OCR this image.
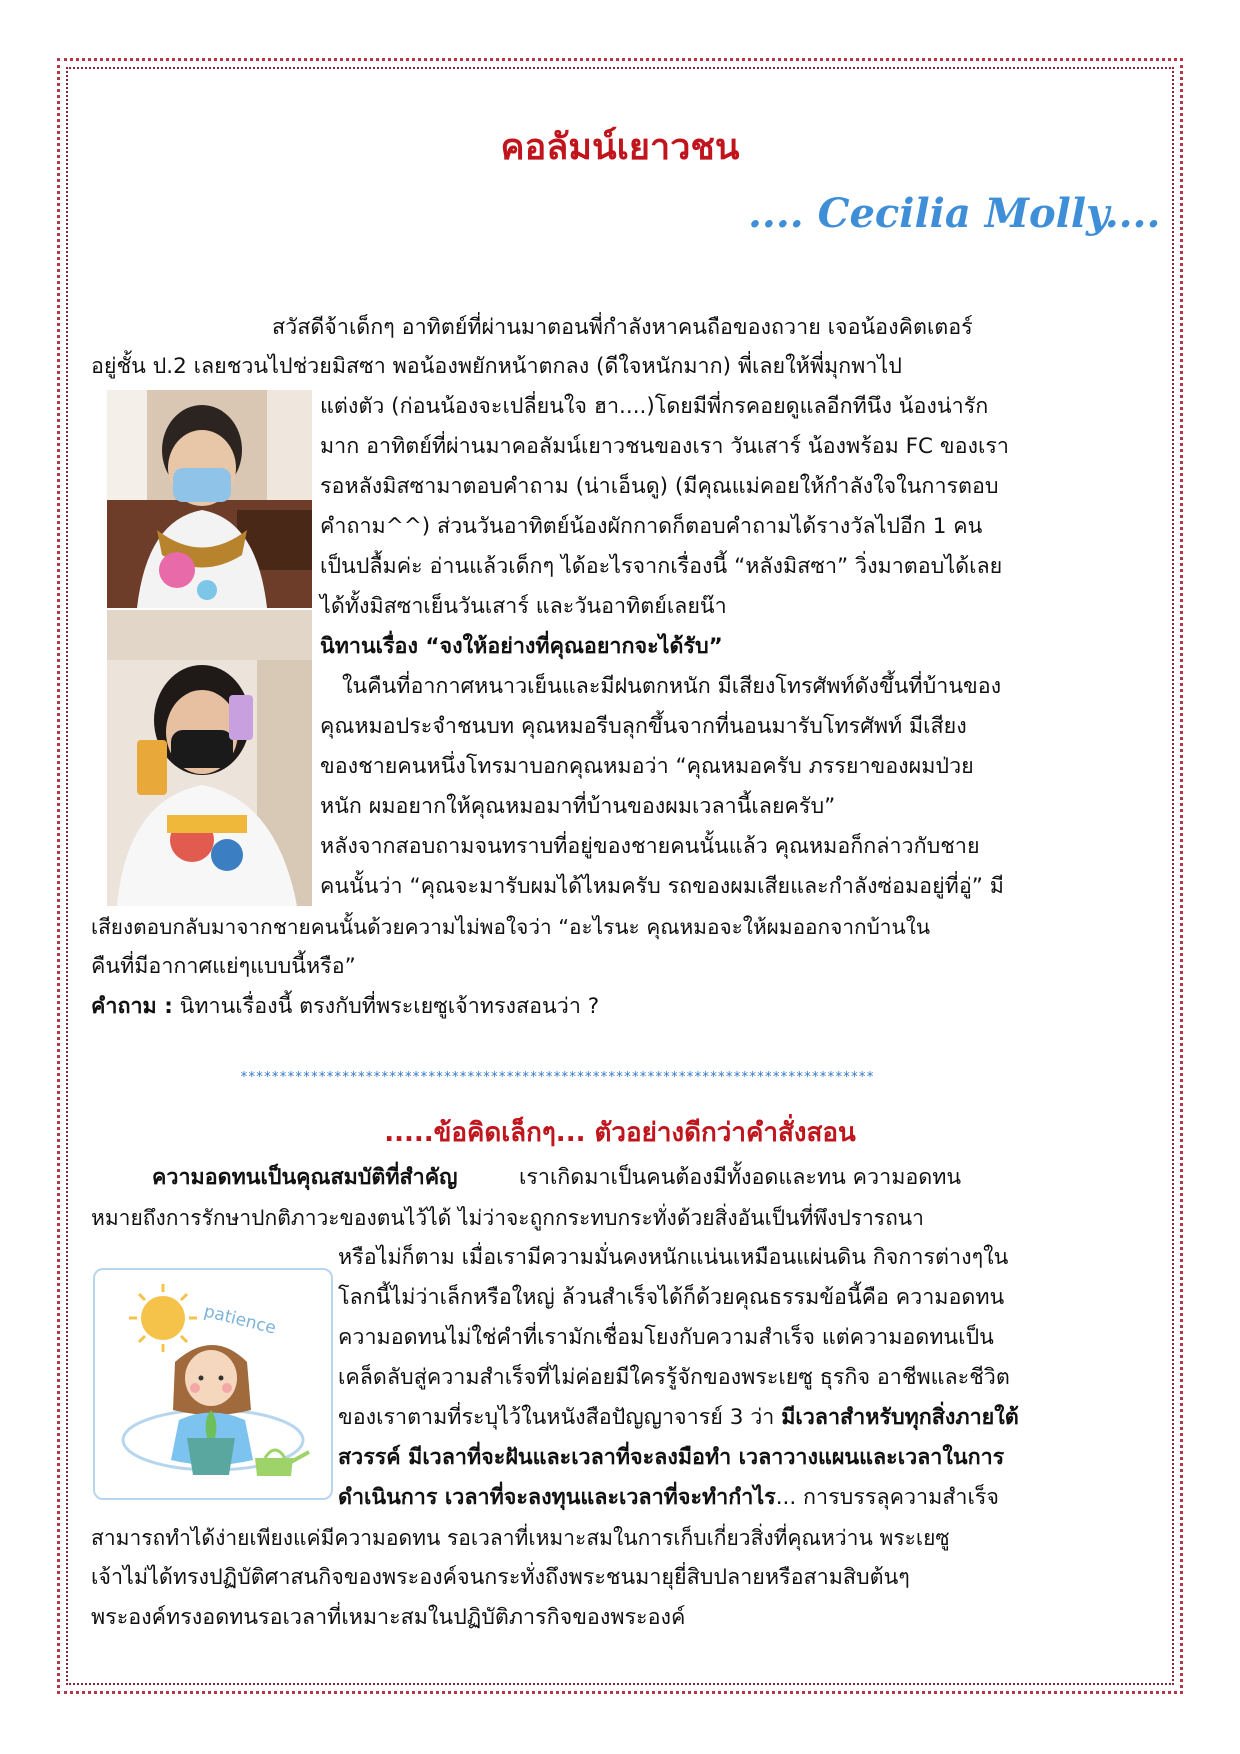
คอลัมน์เยาวชน
.... Cecilia Molly....
สวัสดีจ้าเด็กๆ อาทิตย์ที่ผ่านมาตอนพี่กำลังหาคนถือของถวาย เจอน้องคิตเตอร์
อยู่ชั้น ป.2 เลยชวนไปช่วยมิสซา พอน้องพยักหน้าตกลง (ดีใจหนักมาก) พี่เลยให้พี่มุกพาไป
แต่งตัว (ก่อนน้องจะเปลี่ยนใจ ฮา....)โดยมีพี่กรคอยดูแลอีกทีนึง น้องน่ารัก
มาก อาทิตย์ที่ผ่านมาคอลัมน์เยาวชนของเรา วันเสาร์ น้องพร้อม FC ของเรา
รอหลังมิสซามาตอบคำถาม (น่าเอ็นดู) (มีคุณแม่คอยให้กำลังใจในการตอบ
คำถาม^^) ส่วนวันอาทิตย์น้องผักกาดก็ตอบคำถามได้รางวัลไปอีก 1 คน
เป็นปลื้มค่ะ อ่านแล้วเด็กๆ ได้อะไรจากเรื่องนี้ “หลังมิสซา” วิ่งมาตอบได้เลย
ได้ทั้งมิสซาเย็นวันเสาร์ และวันอาทิตย์เลยน๊า
นิทานเรื่อง “จงให้อย่างที่คุณอยากจะได้รับ”
ในคืนที่อากาศหนาวเย็นและมีฝนตกหนัก มีเสียงโทรศัพท์ดังขึ้นที่บ้านของ
คุณหมอประจำชนบท คุณหมอรีบลุกขึ้นจากที่นอนมารับโทรศัพท์ มีเสียง
ของชายคนหนึ่งโทรมาบอกคุณหมอว่า “คุณหมอครับ ภรรยาของผมป่วย
หนัก ผมอยากให้คุณหมอมาที่บ้านของผมเวลานี้เลยครับ”
หลังจากสอบถามจนทราบที่อยู่ของชายคนนั้นแล้ว คุณหมอก็กล่าวกับชาย
คนนั้นว่า “คุณจะมารับผมได้ไหมครับ รถของผมเสียและกำลังซ่อมอยู่ที่อู่” มี
เสียงตอบกลับมาจากชายคนนั้นด้วยความไม่พอใจว่า “อะไรนะ คุณหมอจะให้ผมออกจากบ้านใน
คืนที่มีอากาศแย่ๆแบบนี้หรือ”
คำถาม : นิทานเรื่องนี้ ตรงกับที่พระเยซูเจ้าทรงสอนว่า ?
*********************************************************************************
.....ข้อคิดเล็กๆ... ตัวอย่างดีกว่าคำสั่งสอน
ความอดทนเป็นคุณสมบัติที่สำคัญ	เราเกิดมาเป็นคนต้องมีทั้งอดและทน ความอดทน
หมายถึงการรักษาปกติภาวะของตนไว้ได้ ไม่ว่าจะถูกกระทบกระทั่งด้วยสิ่งอันเป็นที่พึงปรารถนา
หรือไม่ก็ตาม เมื่อเรามีความมั่นคงหนักแน่นเหมือนแผ่นดิน กิจการต่างๆใน
โลกนี้ไม่ว่าเล็กหรือใหญ่ ล้วนสำเร็จได้ก็ด้วยคุณธรรมข้อนี้คือ ความอดทน
ความอดทนไม่ใช่คำที่เรามักเชื่อมโยงกับความสำเร็จ แต่ความอดทนเป็น
เคล็ดลับสู่ความสำเร็จที่ไม่ค่อยมีใครรู้จักของพระเยซู ธุรกิจ อาชีพและชีวิต
ของเราตามที่ระบุไว้ในหนังสือปัญญาจารย์ 3 ว่า มีเวลาสำหรับทุกสิ่งภายใต้
สวรรค์ มีเวลาที่จะฝันและเวลาที่จะลงมือทำ เวลาวางแผนและเวลาในการ
ดำเนินการ เวลาที่จะลงทุนและเวลาที่จะทำกำไร... การบรรลุความสำเร็จ
สามารถทำได้ง่ายเพียงแค่มีความอดทน รอเวลาที่เหมาะสมในการเก็บเกี่ยวสิ่งที่คุณหว่าน พระเยซู
เจ้าไม่ได้ทรงปฏิบัติศาสนกิจของพระองค์จนกระทั่งถึงพระชนมายุยี่สิบปลายหรือสามสิบต้นๆ
พระองค์ทรงอดทนรอเวลาที่เหมาะสมในปฏิบัติภารกิจของพระองค์
patience
